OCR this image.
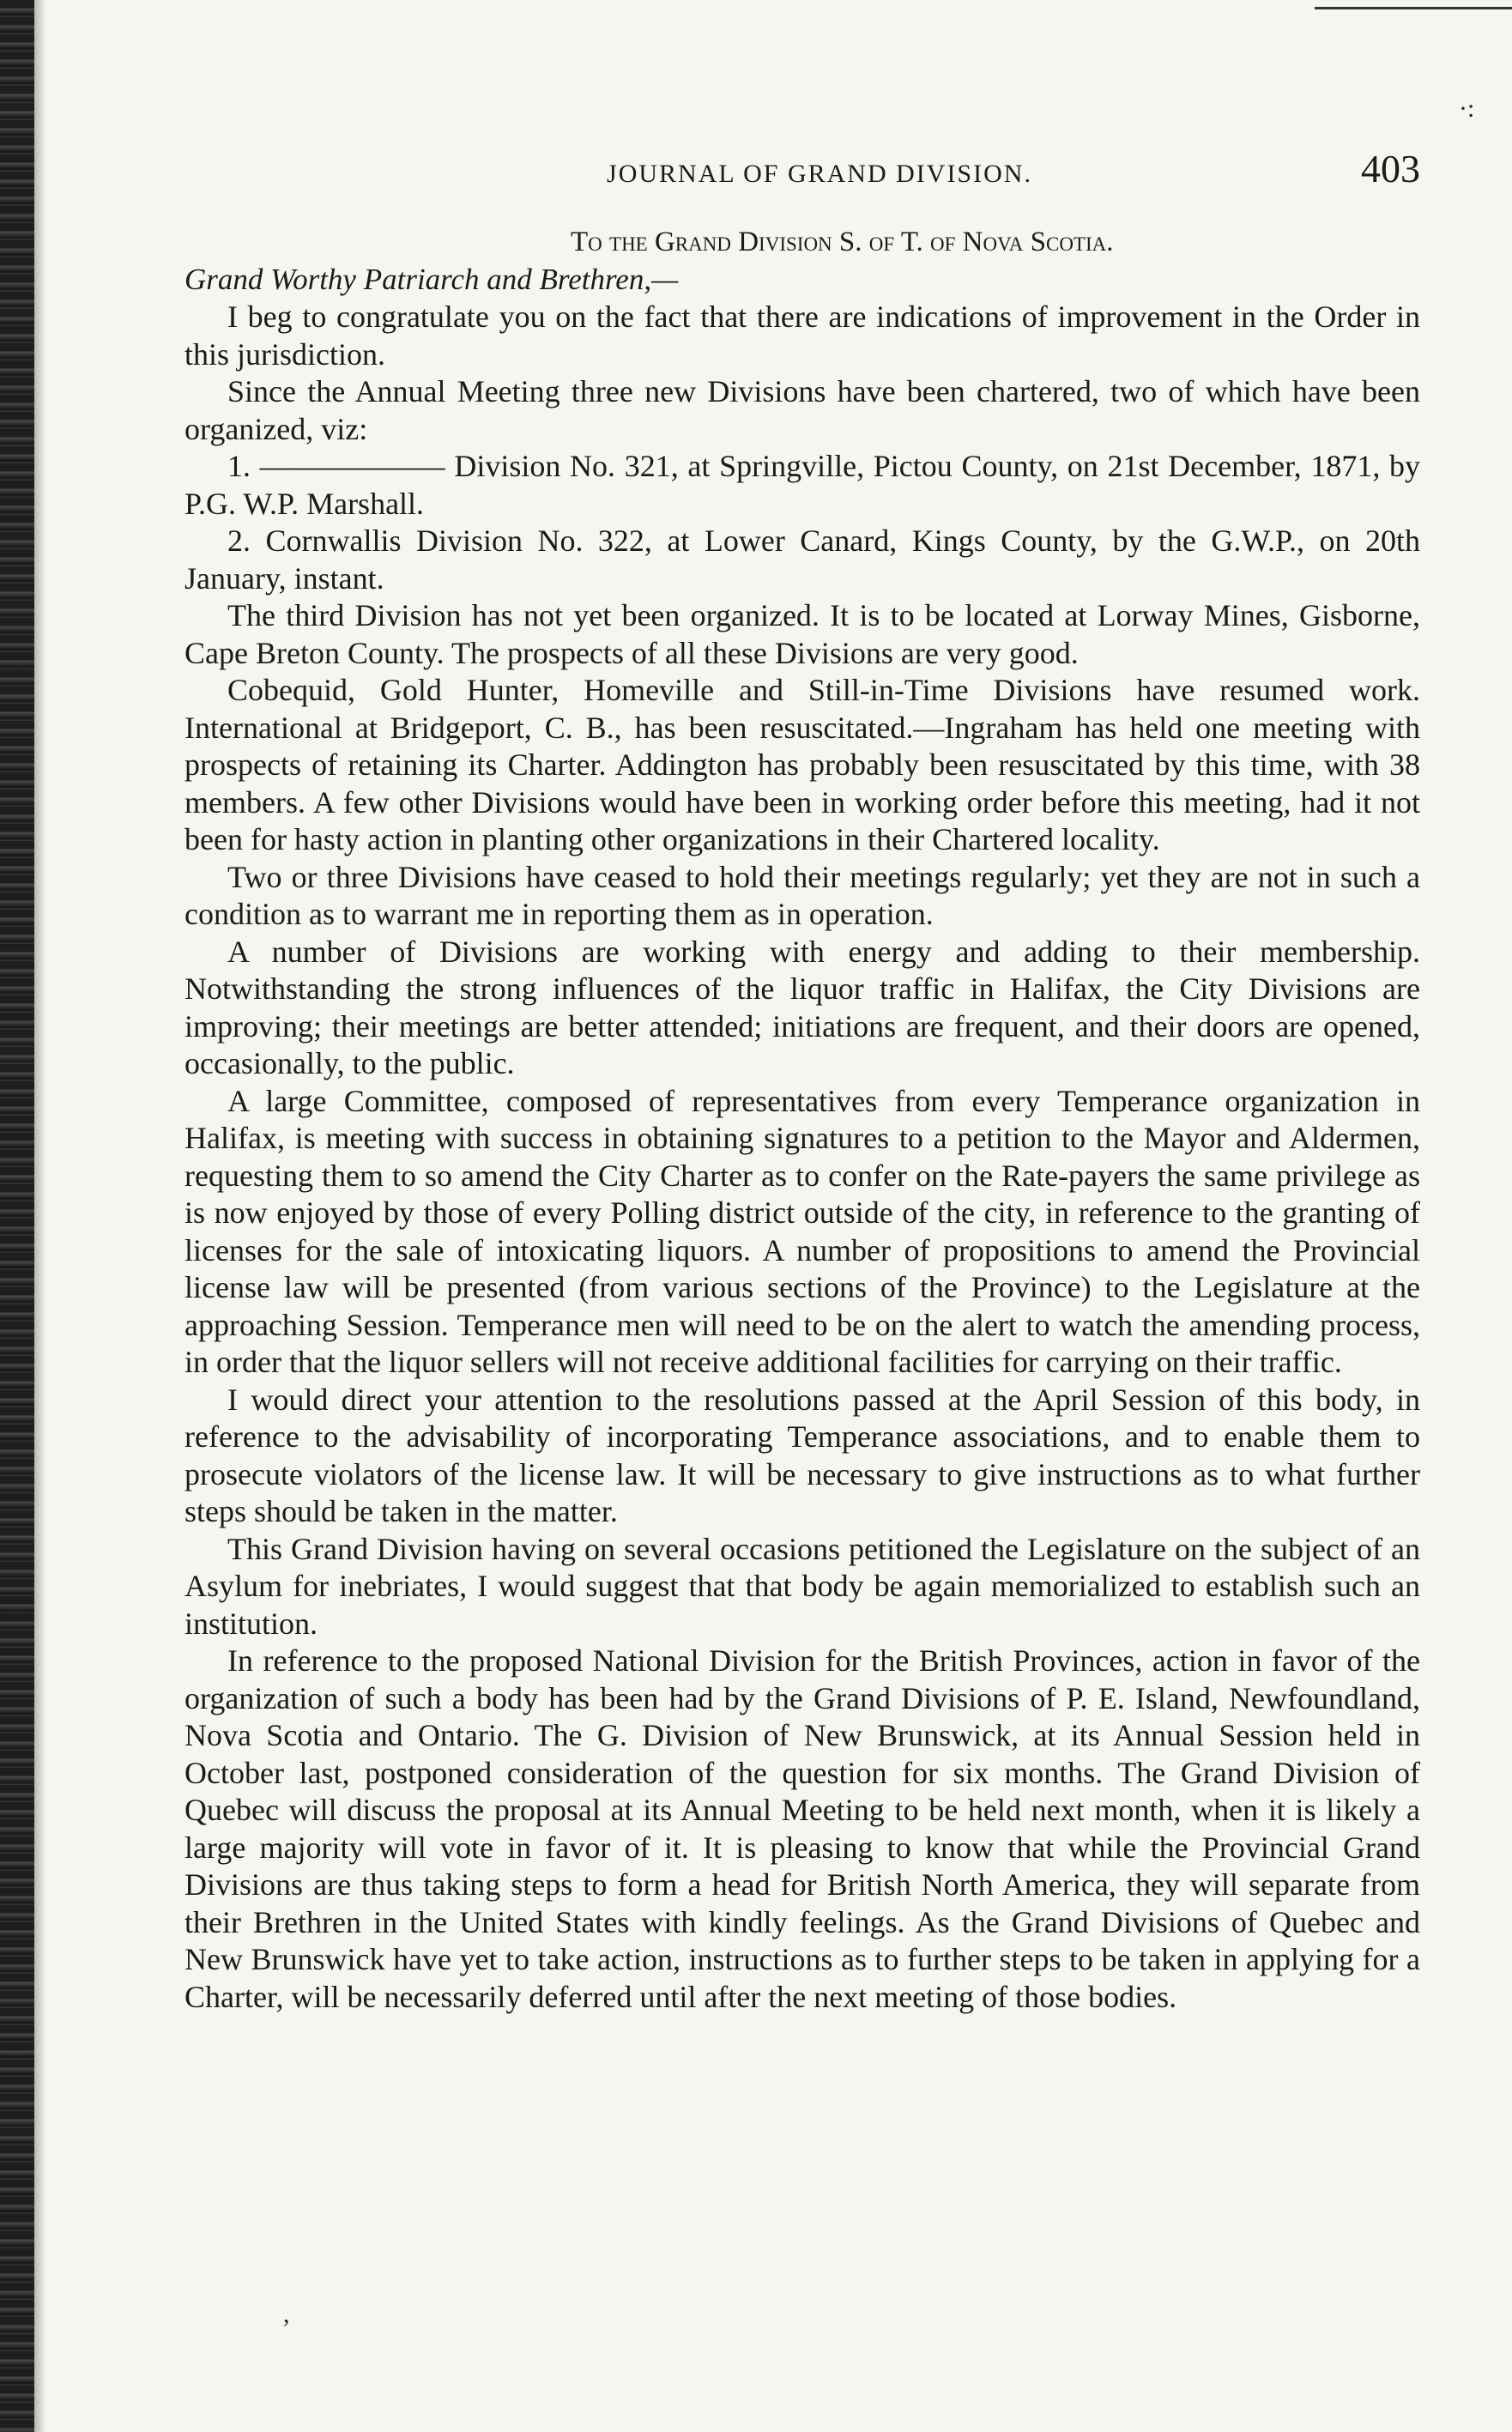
·:
,
JOURNAL OF GRAND DIVISION.	403
To the Grand Division S. of T. of Nova Scotia.
Grand Worthy Patriarch and Brethren,—

I beg to congratulate you on the fact that there are indications of improvement in the Order in this jurisdiction.

Since the Annual Meeting three new Divisions have been chartered, two of which have been organized, viz:

1. —————— Division No. 321, at Springville, Pictou County, on 21st December, 1871, by P.G. W.P. Marshall.

2. Cornwallis Division No. 322, at Lower Canard, Kings County, by the G.W.P., on 20th January, instant.

The third Division has not yet been organized. It is to be located at Lorway Mines, Gisborne, Cape Breton County. The prospects of all these Divisions are very good.

Cobequid, Gold Hunter, Homeville and Still-in-Time Divisions have resumed work. International at Bridgeport, C. B., has been resuscitated.—Ingraham has held one meeting with prospects of retaining its Charter. Addington has probably been resuscitated by this time, with 38 members. A few other Divisions would have been in working order before this meeting, had it not been for hasty action in planting other organizations in their Chartered locality.

Two or three Divisions have ceased to hold their meetings regularly; yet they are not in such a condition as to warrant me in reporting them as in operation.

A number of Divisions are working with energy and adding to their membership. Notwithstanding the strong influences of the liquor traffic in Halifax, the City Divisions are improving; their meetings are better attended; initiations are frequent, and their doors are opened, occasionally, to the public.

A large Committee, composed of representatives from every Temperance organization in Halifax, is meeting with success in obtaining signatures to a petition to the Mayor and Aldermen, requesting them to so amend the City Charter as to confer on the Rate-payers the same privilege as is now enjoyed by those of every Polling district outside of the city, in reference to the granting of licenses for the sale of intoxicating liquors. A number of propositions to amend the Provincial license law will be presented (from various sections of the Province) to the Legislature at the approaching Session. Temperance men will need to be on the alert to watch the amending process, in order that the liquor sellers will not receive additional facilities for carrying on their traffic.

I would direct your attention to the resolutions passed at the April Session of this body, in reference to the advisability of incorporating Temperance associations, and to enable them to prosecute violators of the license law. It will be necessary to give instructions as to what further steps should be taken in the matter.

This Grand Division having on several occasions petitioned the Legislature on the subject of an Asylum for inebriates, I would suggest that that body be again memorialized to establish such an institution.

In reference to the proposed National Division for the British Provinces, action in favor of the organization of such a body has been had by the Grand Divisions of P. E. Island, Newfoundland, Nova Scotia and Ontario. The G. Division of New Brunswick, at its Annual Session held in October last, postponed consideration of the question for six months. The Grand Division of Quebec will discuss the proposal at its Annual Meeting to be held next month, when it is likely a large majority will vote in favor of it. It is pleasing to know that while the Provincial Grand Divisions are thus taking steps to form a head for British North America, they will separate from their Brethren in the United States with kindly feelings. As the Grand Divisions of Quebec and New Brunswick have yet to take action, instructions as to further steps to be taken in applying for a Charter, will be necessarily deferred until after the next meeting of those bodies.
